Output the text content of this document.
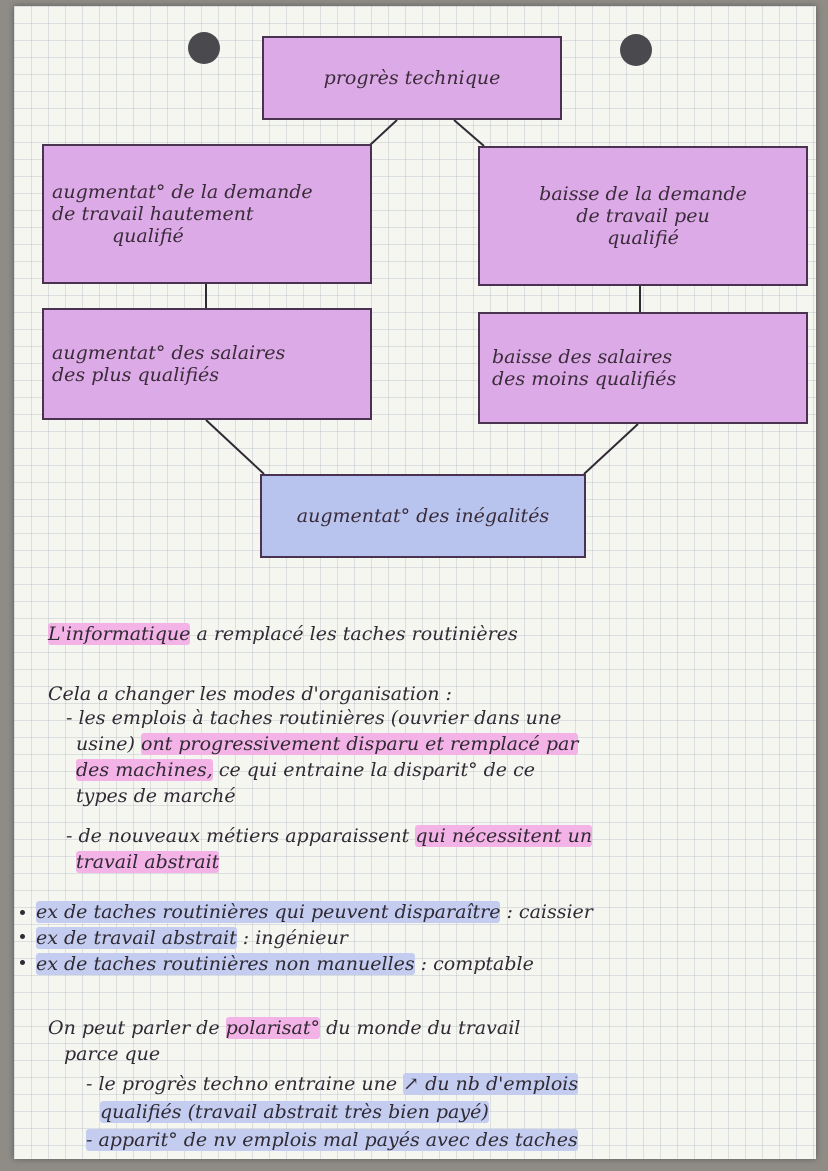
progrès technique
augmentat° de la demande
de travail hautement
qualifié
baisse de la demande
de travail peu
qualifié
augmentat° des salaires
des plus qualifiés
baisse des salaires
des moins qualifiés
augmentat° des inégalités
L'informatique a remplacé les taches routinières
Cela a changer les modes d'organisation :
- les emplois à taches routinières (ouvrier dans une
usine) ont progressivement disparu et remplacé par
des machines, ce qui entraine la disparit° de ce
types de marché
- de nouveaux métiers apparaissent qui nécessitent un
travail abstrait
ex de taches routinières qui peuvent disparaître : caissier
ex de travail abstrait : ingénieur
ex de taches routinières non manuelles : comptable
On peut parler de polarisat° du monde du travail
parce que
- le progrès techno entraine une ↗ du nb d'emplois
qualifiés (travail abstrait très bien payé)
- apparit° de nv emplois mal payés avec des taches
